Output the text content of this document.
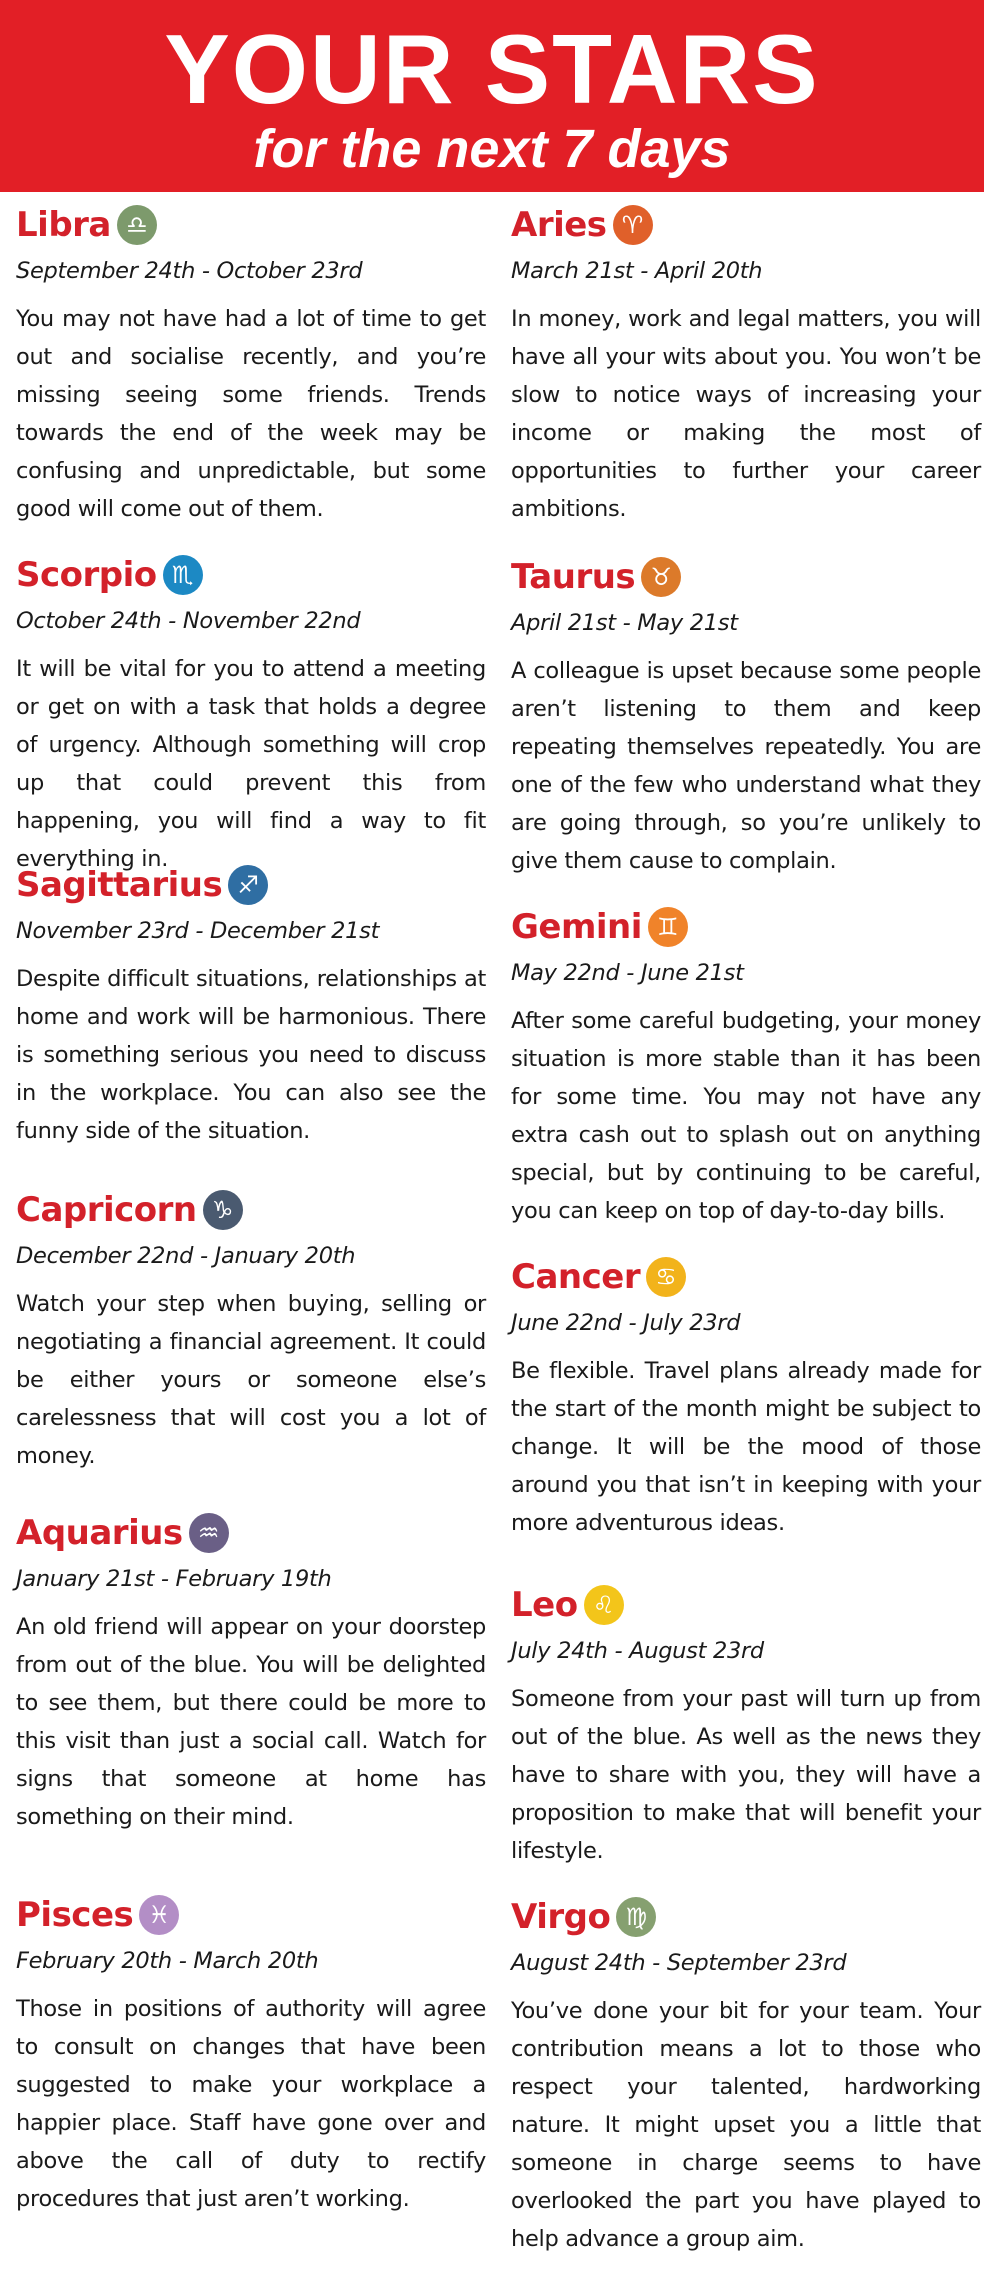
YOUR STARS
for the next 7 days
Libra ♎
September 24th - October 23rd
You may not have had a lot of time to get out and socialise recently, and you’re missing seeing some friends. Trends towards the end of the week may be confusing and unpredictable, but some good will come out of them.
Scorpio ♏
October 24th - November 22nd
It will be vital for you to attend a meeting or get on with a task that holds a degree of urgency. Although something will crop up that could prevent this from happening, you will find a way to fit everything in.
Sagittarius ♐
November 23rd - December 21st
Despite difficult situations, relationships at home and work will be harmonious. There is something serious you need to discuss in the workplace. You can also see the funny side of the situation.
Capricorn ♑
December 22nd - January 20th
Watch your step when buying, selling or negotiating a financial agreement. It could be either yours or someone else’s carelessness that will cost you a lot of money.
Aquarius ♒
January 21st - February 19th
An old friend will appear on your doorstep from out of the blue. You will be delighted to see them, but there could be more to this visit than just a social call. Watch for signs that someone at home has something on their mind.
Pisces ♓
February 20th - March 20th
Those in positions of authority will agree to consult on changes that have been suggested to make your workplace a happier place. Staff have gone over and above the call of duty to rectify procedures that just aren’t working.
Aries ♈
March 21st - April 20th
In money, work and legal matters, you will have all your wits about you. You won’t be slow to notice ways of increasing your income or making the most of opportunities to further your career ambitions.
Taurus ♉
April 21st - May 21st
A colleague is upset because some people aren’t listening to them and keep repeating themselves repeatedly. You are one of the few who understand what they are going through, so you’re unlikely to give them cause to complain.
Gemini ♊
May 22nd - June 21st
After some careful budgeting, your money situation is more stable than it has been for some time. You may not have any extra cash out to splash out on anything special, but by continuing to be careful, you can keep on top of day-to-day bills.
Cancer ♋
June 22nd - July 23rd
Be flexible. Travel plans already made for the start of the month might be subject to change. It will be the mood of those around you that isn’t in keeping with your more adventurous ideas.
Leo ♌
July 24th - August 23rd
Someone from your past will turn up from out of the blue. As well as the news they have to share with you, they will have a proposition to make that will benefit your lifestyle.
Virgo ♍
August 24th - September 23rd
You’ve done your bit for your team. Your contribution means a lot to those who respect your talented, hardworking nature. It might upset you a little that someone in charge seems to have overlooked the part you have played to help advance a group aim.
